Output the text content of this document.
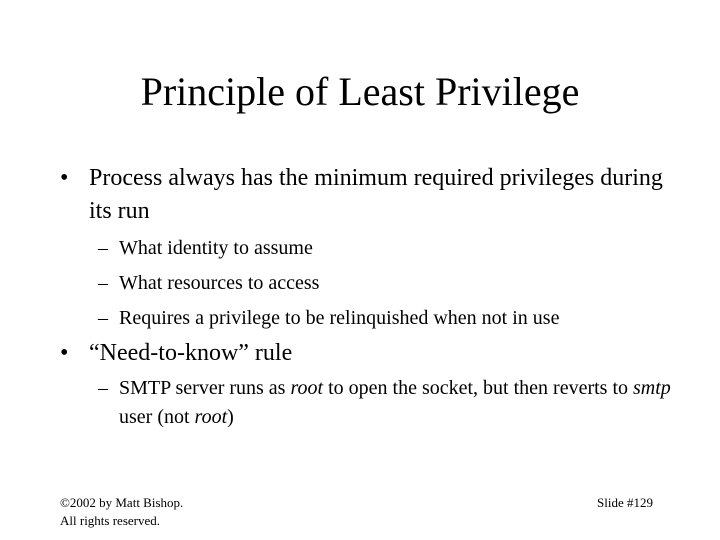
Principle of Least Privilege
• Process always has the minimum required privileges during its run
– What identity to assume
– What resources to access
– Requires a privilege to be relinquished when not in use
• “Need-to-know” rule
– SMTP server runs as root to open the socket, but then reverts to smtp user (not root)
©2002 by Matt Bishop.
All rights reserved.
Slide #129
